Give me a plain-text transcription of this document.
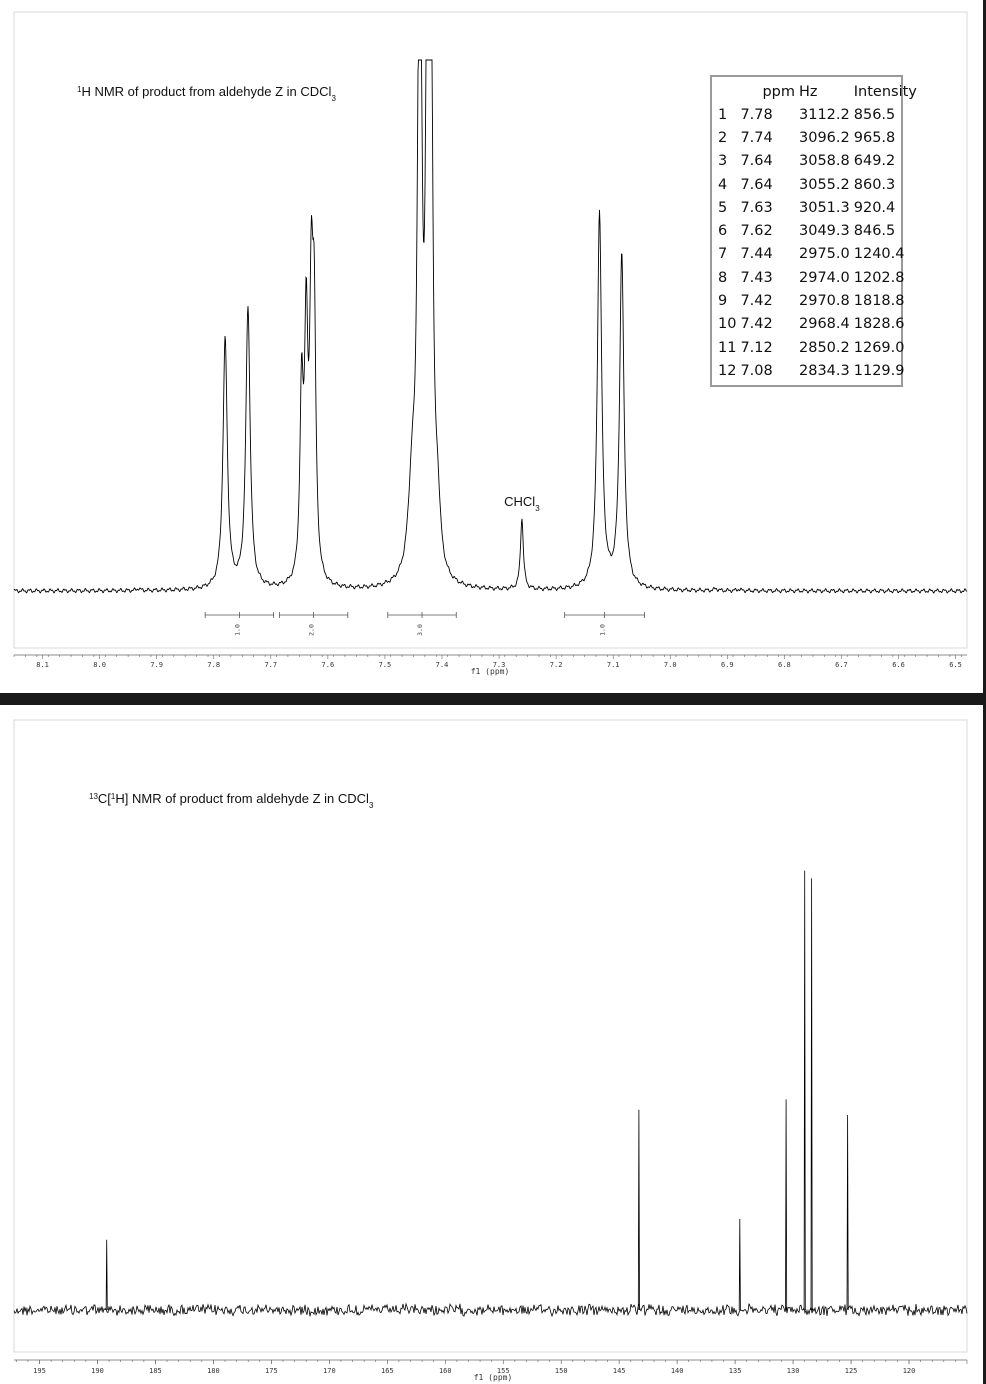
$^1$H NMR of product from aldehyde Z in CDCl$_3$
1.0	2.0	3.0	1.0
CHCl$_3$
8.1	8.0	7.9	7.8	7.7	7.6	7.5	7.4	7.3	7.2	7.1	7.0	6.9	6.8	6.7	6.6	6.5
f1 (ppm)
	ppm	Hz	Intensity
1	7.78	3112.2	856.5
2	7.74	3096.2	965.8
3	7.64	3058.8	649.2
4	7.64	3055.2	860.3
5	7.63	3051.3	920.4
6	7.62	3049.3	846.5
7	7.44	2975.0	1240.4
8	7.43	2974.0	1202.8
9	7.42	2970.8	1818.8
10	7.42	2968.4	1828.6
11	7.12	2850.2	1269.0
12	7.08	2834.3	1129.9
$^{13}$C[$^1$H] NMR of product from aldehyde Z in CDCl$_3$
195	190	185	180	175	170	165	160	155	150	145	140	135	130	125	120
f1 (ppm)
